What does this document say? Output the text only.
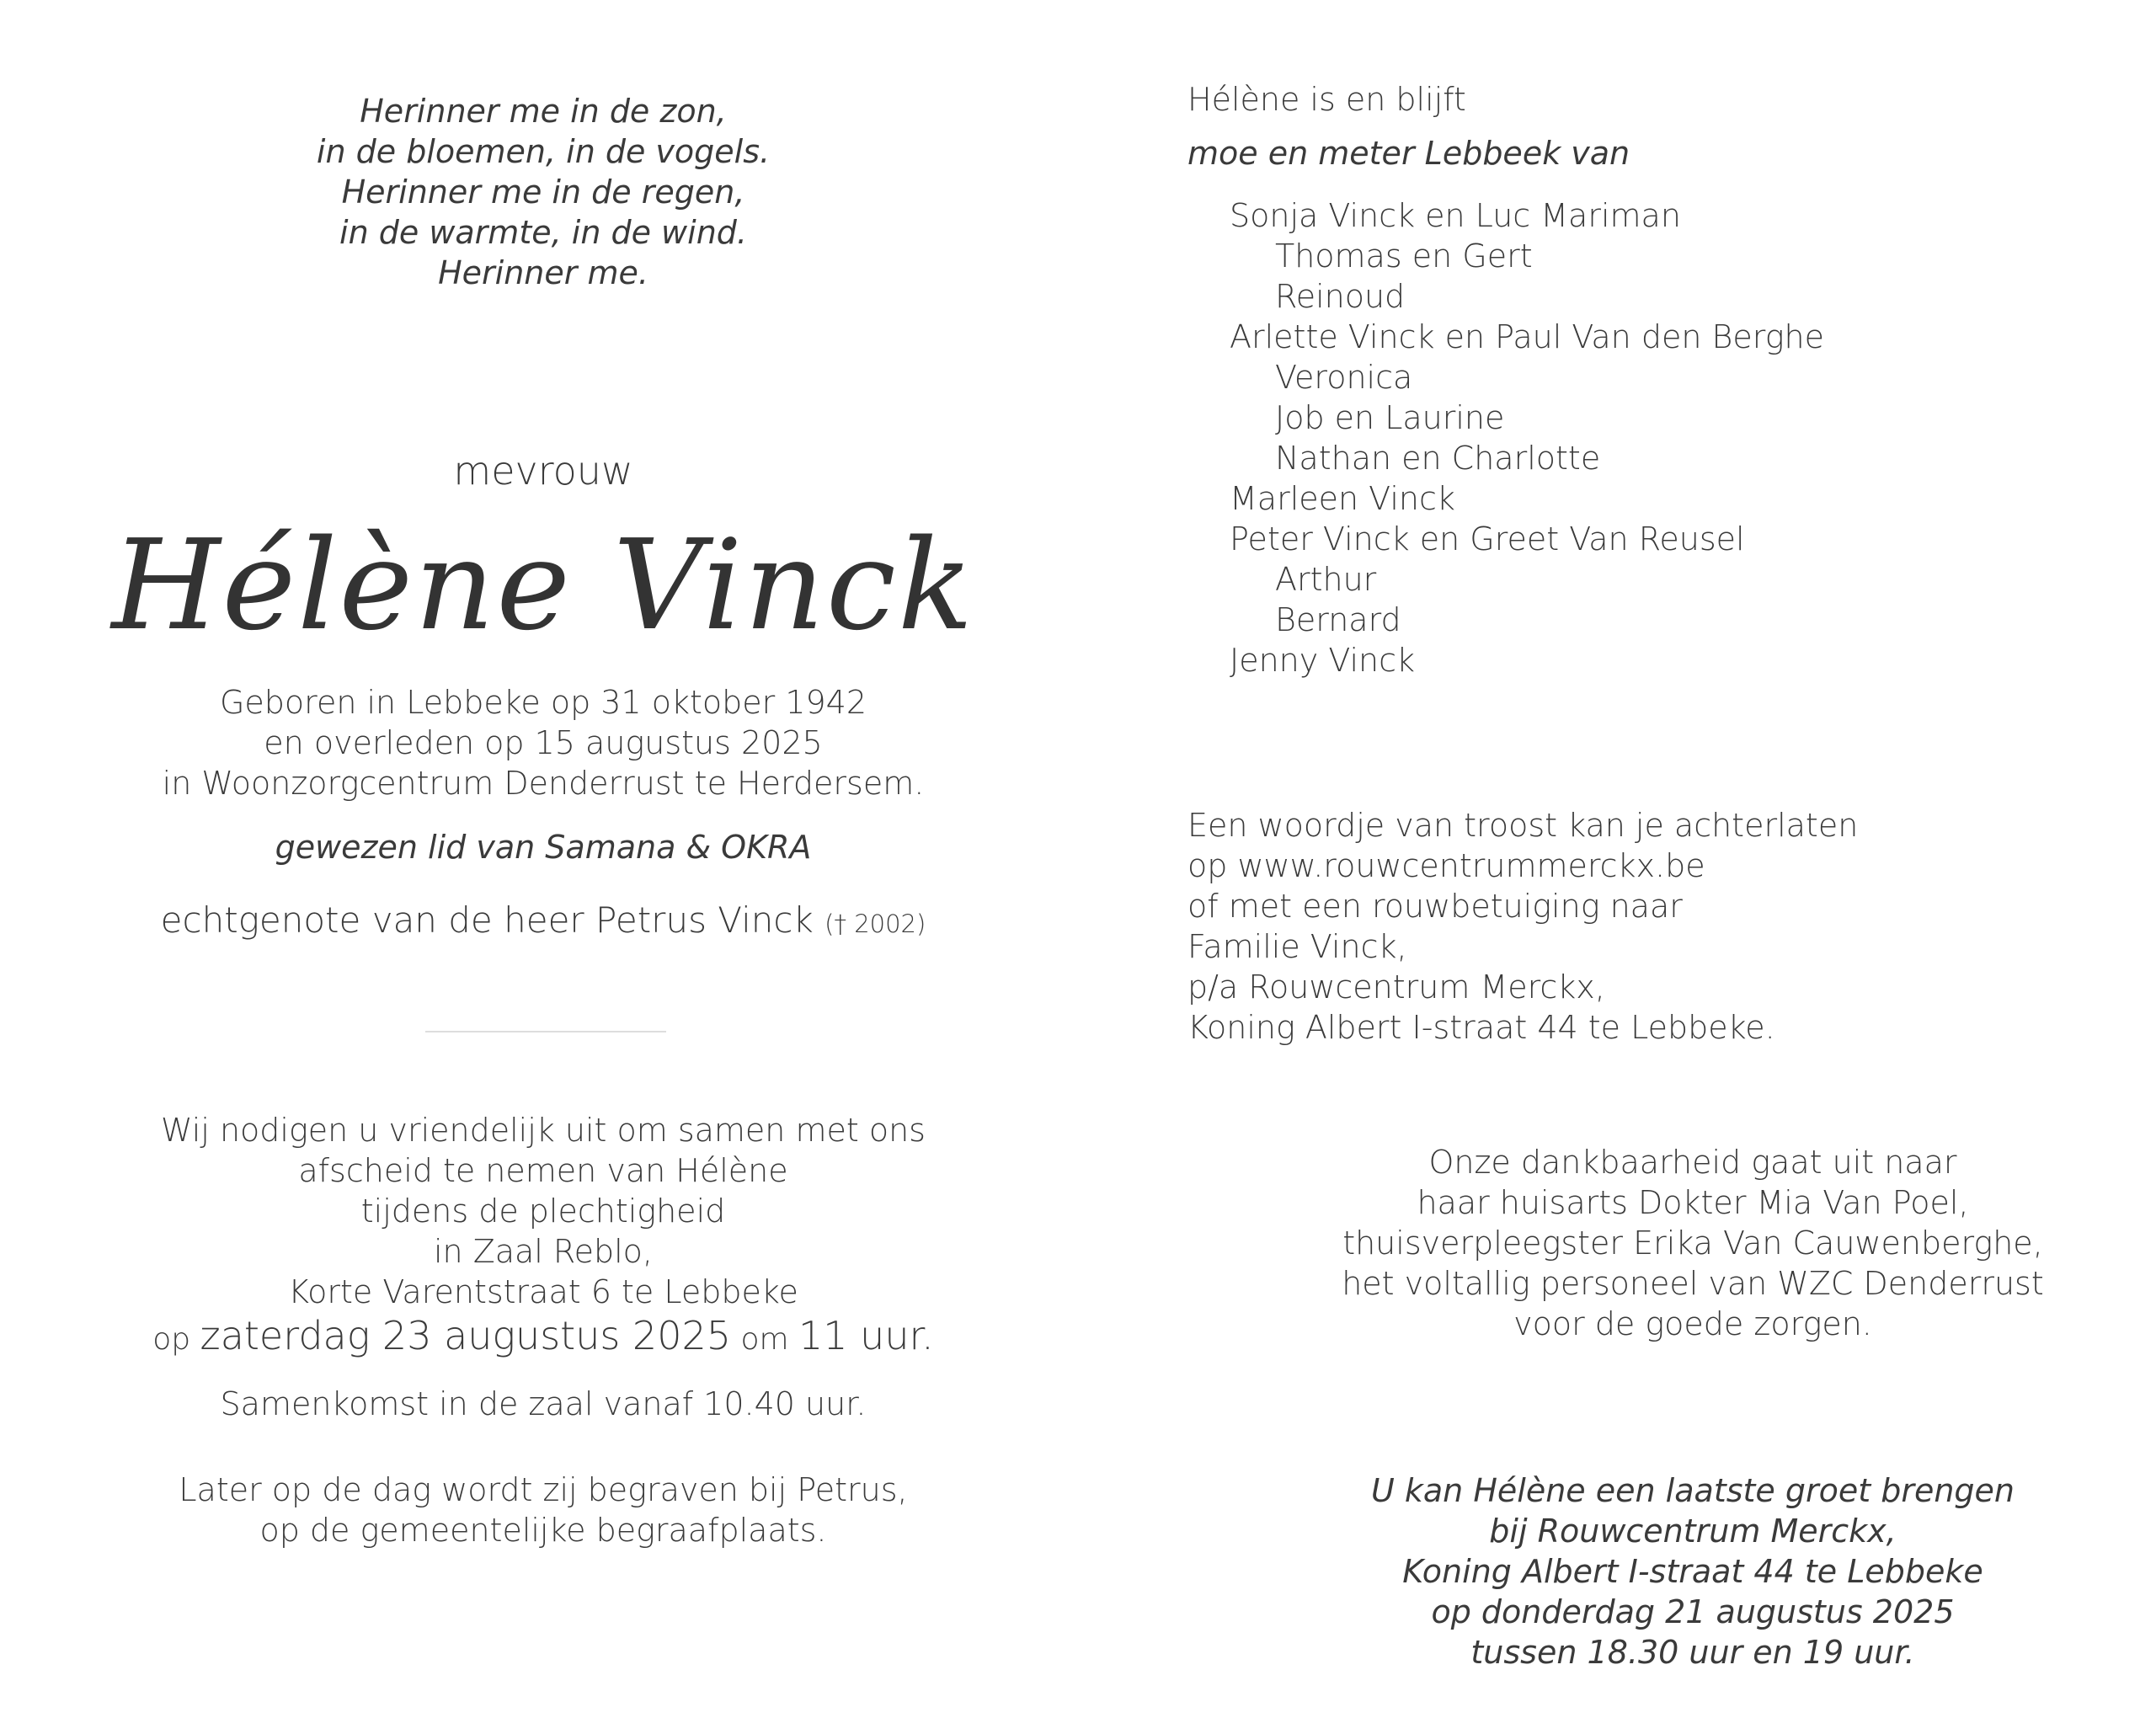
Herinner me in de zon,
in de bloemen, in de vogels.
Herinner me in de regen,
in de warmte, in de wind.
Herinner me.
mevrouw
Hélène Vinck
Geboren in Lebbeke op 31 oktober 1942
en overleden op 15 augustus 2025
in Woonzorgcentrum Denderrust te Herdersem.
gewezen lid van Samana & OKRA
echtgenote van de heer Petrus Vinck († 2002)
Wij nodigen u vriendelijk uit om samen met ons
afscheid te nemen van Hélène
tijdens de plechtigheid
in Zaal Reblo,
Korte Varentstraat 6 te Lebbeke
op zaterdag 23 augustus 2025 om 11 uur.
Samenkomst in de zaal vanaf 10.40 uur.
Later op de dag wordt zij begraven bij Petrus,
op de gemeentelijke begraafplaats.
Hélène is en blijft
moe en meter Lebbeek van
Sonja Vinck en Luc Mariman
Thomas en Gert
Reinoud
Arlette Vinck en Paul Van den Berghe
Veronica
Job en Laurine
Nathan en Charlotte
Marleen Vinck
Peter Vinck en Greet Van Reusel
Arthur
Bernard
Jenny Vinck
Een woordje van troost kan je achterlaten
op www.rouwcentrummerckx.be
of met een rouwbetuiging naar
Familie Vinck,
p/a Rouwcentrum Merckx,
Koning Albert I-straat 44 te Lebbeke.
Onze dankbaarheid gaat uit naar
haar huisarts Dokter Mia Van Poel,
thuisverpleegster Erika Van Cauwenberghe,
het voltallig personeel van WZC Denderrust
voor de goede zorgen.
U kan Hélène een laatste groet brengen
bij Rouwcentrum Merckx,
Koning Albert I-straat 44 te Lebbeke
op donderdag 21 augustus 2025
tussen 18.30 uur en 19 uur.
